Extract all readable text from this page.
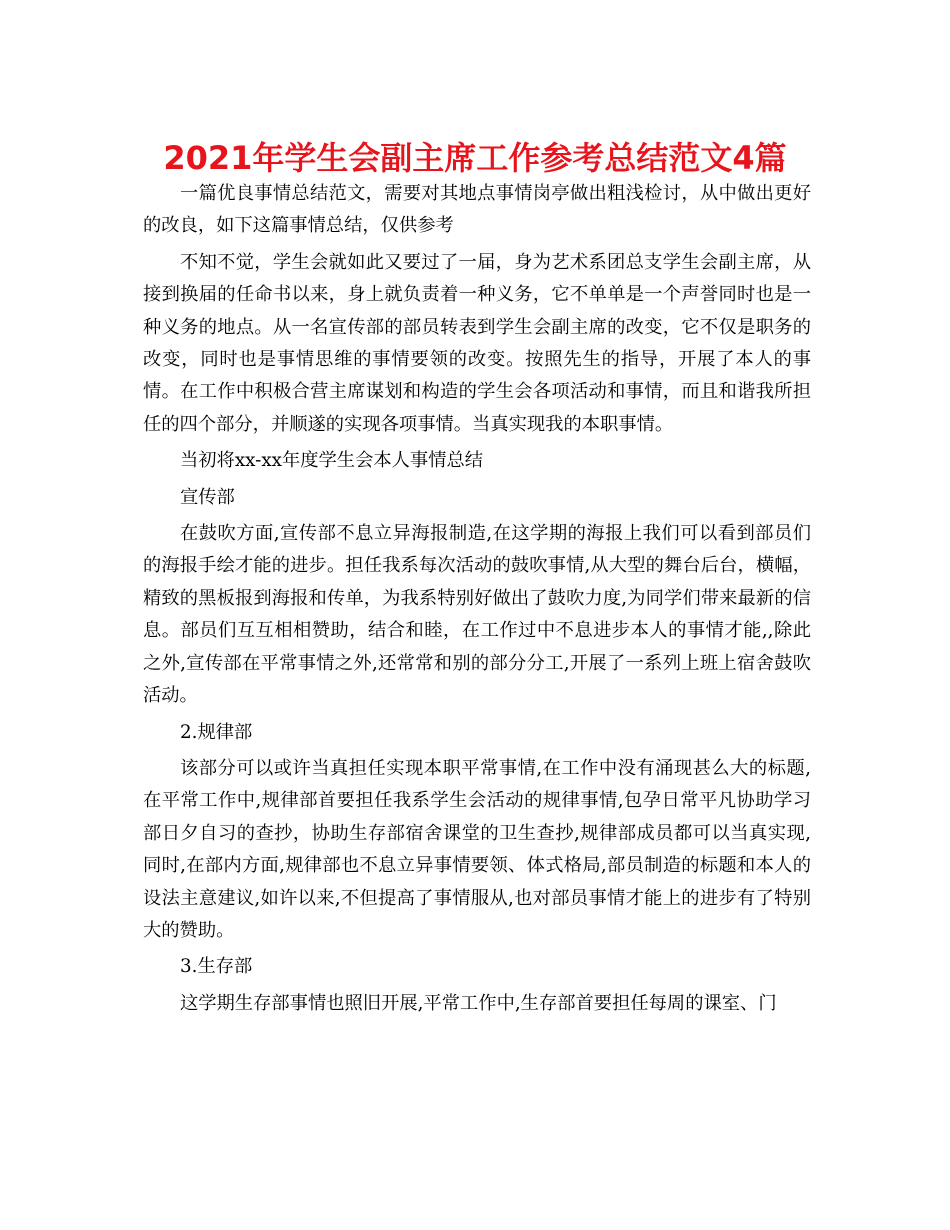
2021年学生会副主席工作参考总结范文4篇

一篇优良事情总结范文，需要对其地点事情岗亭做出粗浅检讨，从中做出更好的改良，如下这篇事情总结，仅供参考

不知不觉，学生会就如此又要过了一届，身为艺术系团总支学生会副主席，从接到换届的任命书以来，身上就负责着一种义务，它不单单是一个声誉同时也是一种义务的地点。从一名宣传部的部员转表到学生会副主席的改变，它不仅是职务的改变，同时也是事情思维的事情要领的改变。按照先生的指导，开展了本人的事情。在工作中积极合营主席谋划和构造的学生会各项活动和事情，而且和谐我所担任的四个部分，并顺遂的实现各项事情。当真实现我的本职事情。

当初将xx-xx年度学生会本人事情总结

宣传部

在鼓吹方面,宣传部不息立异海报制造,在这学期的海报上我们可以看到部员们的海报手绘才能的进步。担任我系每次活动的鼓吹事情,从大型的舞台后台，横幅，精致的黑板报到海报和传单，为我系特别好做出了鼓吹力度,为同学们带来最新的信息。部员们互互相相赞助，结合和睦，在工作过中不息进步本人的事情才能,,除此之外,宣传部在平常事情之外,还常常和别的部分分工,开展了一系列上班上宿舍鼓吹活动。

2.规律部

该部分可以或许当真担任实现本职平常事情,在工作中没有涌现甚么大的标题,在平常工作中,规律部首要担任我系学生会活动的规律事情,包孕日常平凡协助学习部日夕自习的查抄，协助生存部宿舍课堂的卫生查抄,规律部成员都可以当真实现,同时,在部内方面,规律部也不息立异事情要领、体式格局,部员制造的标题和本人的设法主意建议,如许以来,不但提高了事情服从,也对部员事情才能上的进步有了特别大的赞助。

3.生存部

这学期生存部事情也照旧开展,平常工作中,生存部首要担任每周的课室、门
